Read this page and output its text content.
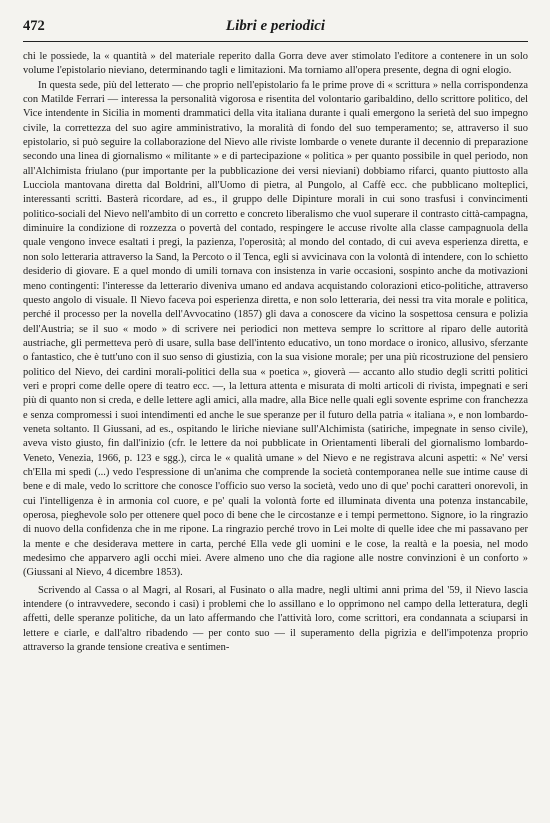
472	Libri e periodici

chi le possiede, la « quantità » del materiale reperito dalla Gorra deve aver stimolato l'editore a contenere in un solo volume l'epistolario nieviano, determinando tagli e limitazioni. Ma torniamo all'opera presente, degna di ogni elogio.

In questa sede, più del letterato — che proprio nell'epistolario fa le prime prove di « scrittura » nella corrispondenza con Matilde Ferrari — interessa la personalità vigorosa e risentita del volontario garibaldino, dello scrittore politico, del Vice intendente in Sicilia in momenti drammatici della vita italiana durante i quali emergono la serietà del suo impegno civile, la correttezza del suo agire amministrativo, la moralità di fondo del suo temperamento; se, attraverso il suo epistolario, si può seguire la collaborazione del Nievo alle riviste lombarde o venete durante il decennio di preparazione secondo una linea di giornalismo « militante » e di partecipazione « politica » per quanto possibile in quel periodo, non all'Alchimista friulano (pur importante per la pubblicazione dei versi nieviani) dobbiamo rifarci, quanto piuttosto alla Lucciola mantovana diretta dal Boldrini, all'Uomo di pietra, al Pungolo, al Caffè ecc. che pubblicano molteplici, interessanti scritti. Basterà ricordare, ad es., il gruppo delle Dipinture morali in cui sono trasfusi i convincimenti politico-sociali del Nievo nell'ambito di un corretto e concreto liberalismo che vuol superare il contrasto città-campagna, diminuire la condizione di rozzezza o povertà del contado, respingere le accuse rivolte alla classe campagnuola della quale vengono invece esaltati i pregi, la pazienza, l'operosità; al mondo del contado, di cui aveva esperienza diretta, e non solo letteraria attraverso la Sand, la Percoto o il Tenca, egli si avvicinava con la volontà di intendere, con lo schietto desiderio di giovare. E a quel mondo di umili tornava con insistenza in varie occasioni, sospinto anche da motivazioni meno contingenti: l'interesse da letterario diveniva umano ed andava acquistando colorazioni etico-politiche, attraverso questo angolo di visuale. Il Nievo faceva poi esperienza diretta, e non solo letteraria, dei nessi tra vita morale e politica, perché il processo per la novella dell'Avvocatino (1857) gli dava a conoscere da vicino la sospettosa censura e polizia dell'Austria; se il suo « modo » di scrivere nei periodici non metteva sempre lo scrittore al riparo delle autorità austriache, gli permetteva però di usare, sulla base dell'intento educativo, un tono mordace o ironico, allusivo, sferzante o fantastico, che è tutt'uno con il suo senso di giustizia, con la sua visione morale; per una più ricostruzione del pensiero politico del Nievo, dei cardini morali-politici della sua « poetica », gioverà — accanto allo studio degli scritti politici veri e propri come delle opere di teatro ecc. —, la lettura attenta e misurata di molti articoli di rivista, impegnati e seri più di quanto non si creda, e delle lettere agli amici, alla madre, alla Bice nelle quali egli sovente esprime con franchezza e senza compromessi i suoi intendimenti ed anche le sue speranze per il futuro della patria « italiana », e non lombardo-veneta soltanto. Il Giussani, ad es., ospitando le liriche nieviane sull'Alchimista (satiriche, impegnate in senso civile), aveva visto giusto, fin dall'inizio (cfr. le lettere da noi pubblicate in Orientamenti liberali del giornalismo lombardo-Veneto, Venezia, 1966, p. 123 e sgg.), circa le « qualità umane » del Nievo e ne registrava alcuni aspetti: « Ne' versi ch'Ella mi spedì (...) vedo l'espressione di un'anima che comprende la società contemporanea nelle sue intime cause di bene e di male, vedo lo scrittore che conosce l'officio suo verso la società, vedo uno di que' pochi caratteri onorevoli, in cui l'intelligenza è in armonia col cuore, e pe' quali la volontà forte ed illuminata diventa una potenza instancabile, operosa, pieghevole solo per ottenere quel poco di bene che le circostanze e i tempi permettono. Signore, io la ringrazio di nuovo della confidenza che in me ripone. La ringrazio perché trovo in Lei molte di quelle idee che mi passavano per la mente e che desiderava mettere in carta, perché Ella vede gli uomini e le cose, la realtà e la poesia, nel modo medesimo che apparvero agli occhi miei. Avere almeno uno che dia ragione alle nostre convinzioni è un conforto » (Giussani al Nievo, 4 dicembre 1853).

Scrivendo al Cassa o al Magri, al Rosari, al Fusinato o alla madre, negli ultimi anni prima del '59, il Nievo lascia intendere (o intravvedere, secondo i casi) i problemi che lo assillano e lo opprimono nel campo della letteratura, degli affetti, delle speranze politiche, da un lato affermando che l'attività loro, come scrittori, era condannata a sciuparsi in lettere e ciarle, e dall'altro ribadendo — per conto suo — il superamento della pigrizia e dell'impotenza proprio attraverso la grande tensione creativa e sentimen-
